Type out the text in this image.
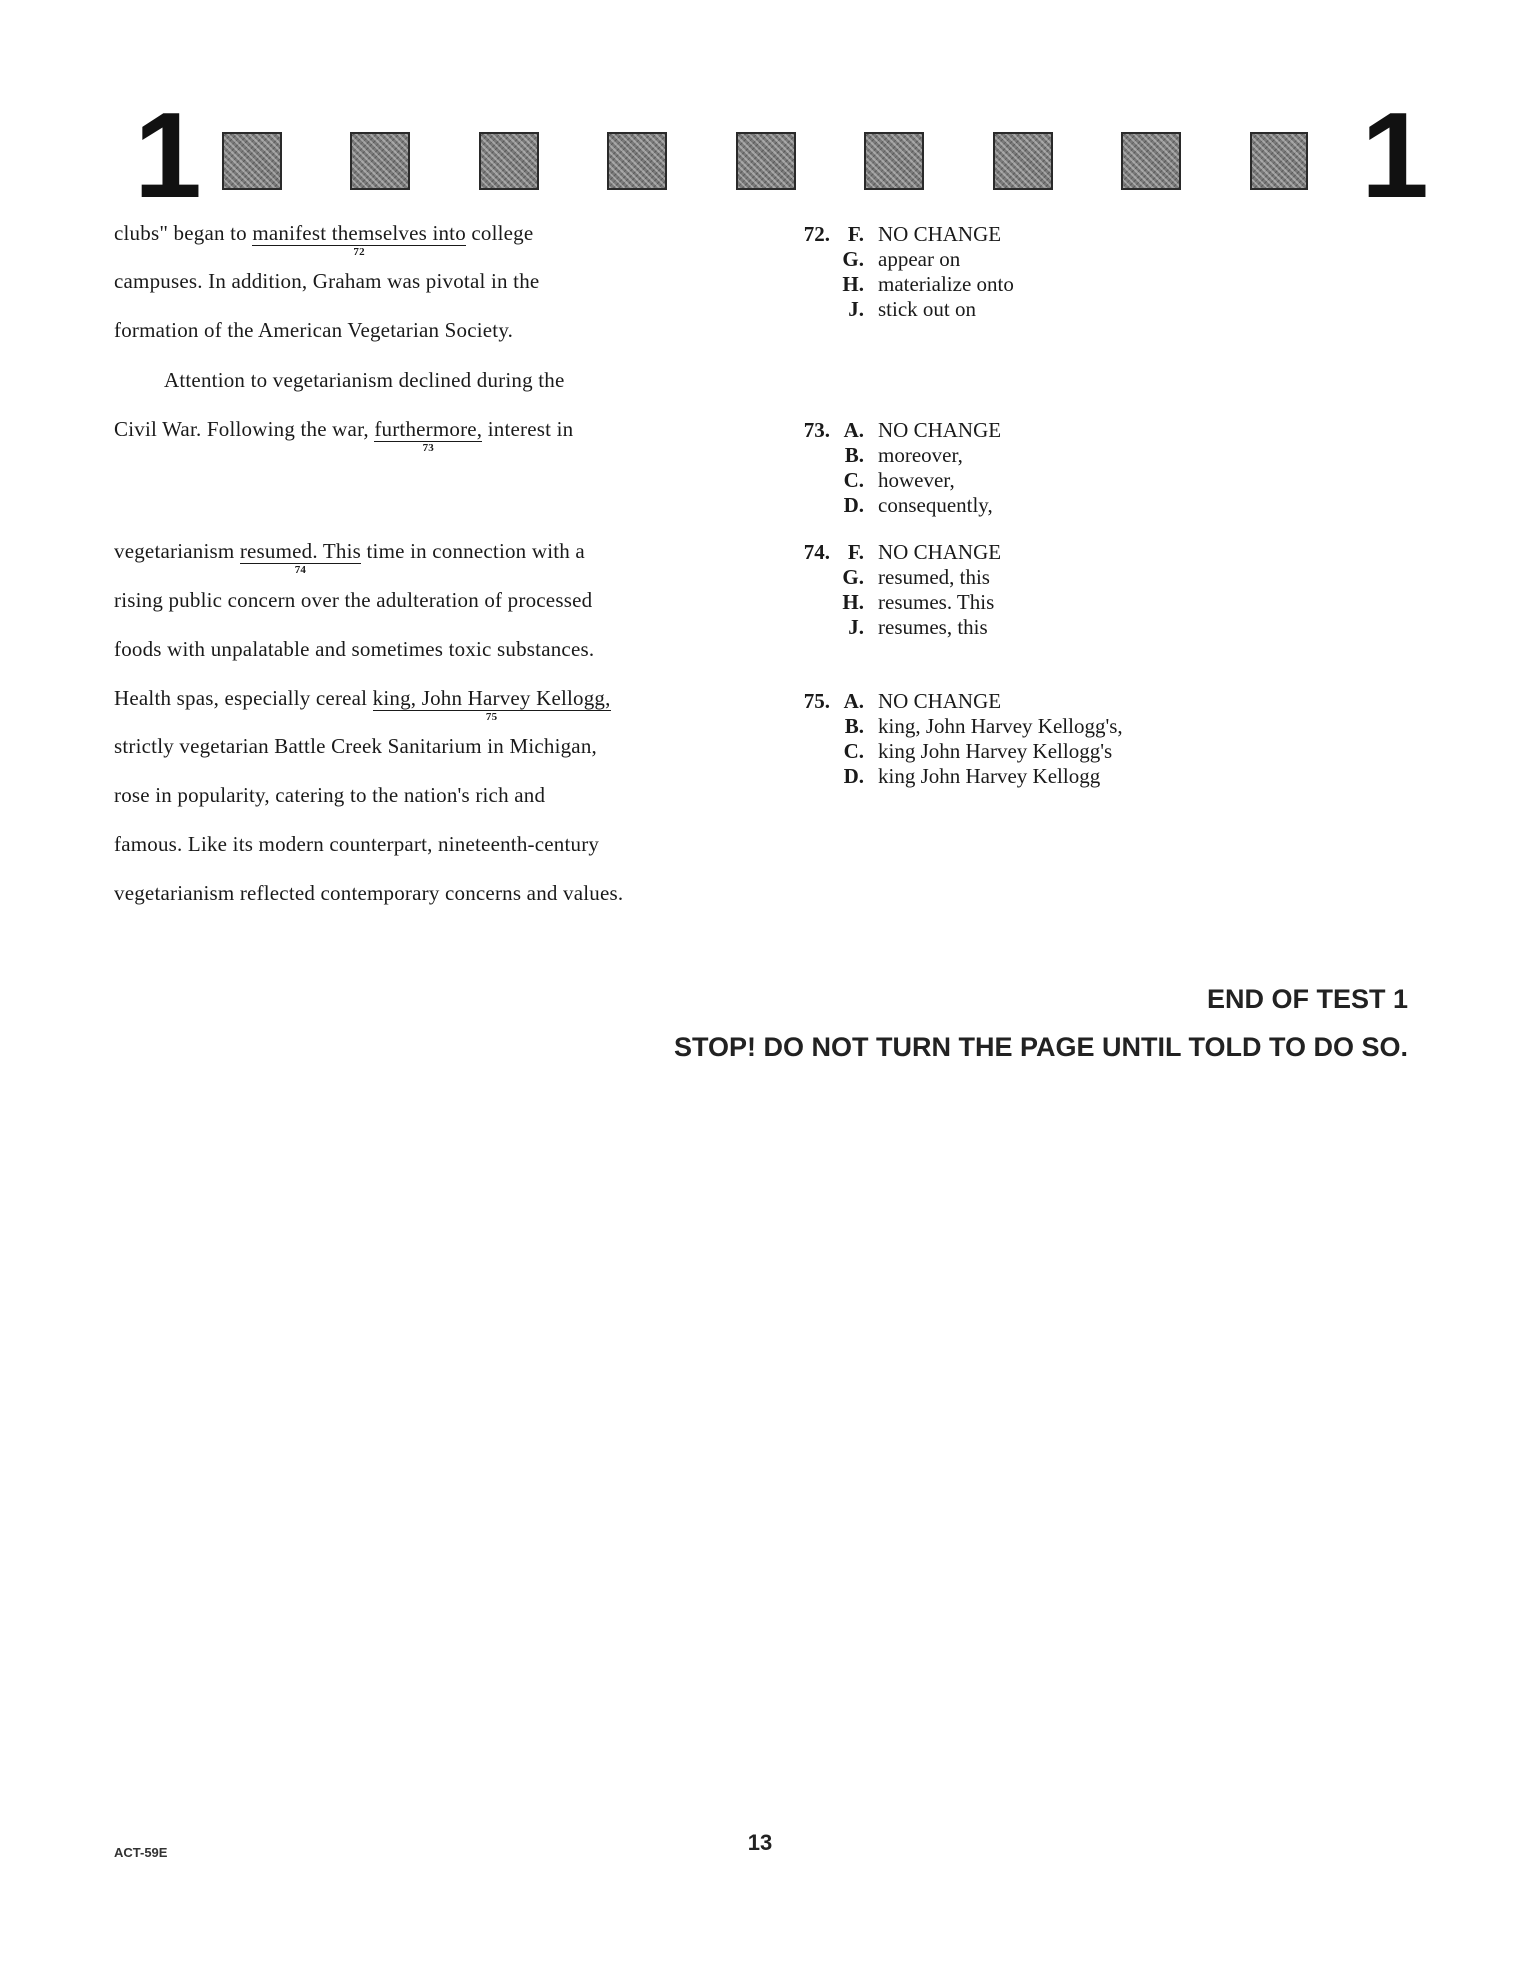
1	1
clubs" began to manifest themselves into
72
college
campuses. In addition, Graham was pivotal in the
formation of the American Vegetarian Society.
Attention to vegetarianism declined during the
Civil War. Following the war, furthermore,
73
interest in
vegetarianism resumed. This
74
time in connection with a
rising public concern over the adulteration of processed
foods with unpalatable and sometimes toxic substances.
Health spas, especially cereal king, John Harvey Kellogg,
75
strictly vegetarian Battle Creek Sanitarium in Michigan,
rose in popularity, catering to the nation's rich and
famous. Like its modern counterpart, nineteenth-century
vegetarianism reflected contemporary concerns and values.
72. F. NO CHANGE
G. appear on
H. materialize onto
J. stick out on
73. A. NO CHANGE
B. moreover,
C. however,
D. consequently,
74. F. NO CHANGE
G. resumed, this
H. resumes. This
J. resumes, this
75. A. NO CHANGE
B. king, John Harvey Kellogg's,
C. king John Harvey Kellogg's
D. king John Harvey Kellogg
END OF TEST 1
STOP! DO NOT TURN THE PAGE UNTIL TOLD TO DO SO.
ACT-59E	13
